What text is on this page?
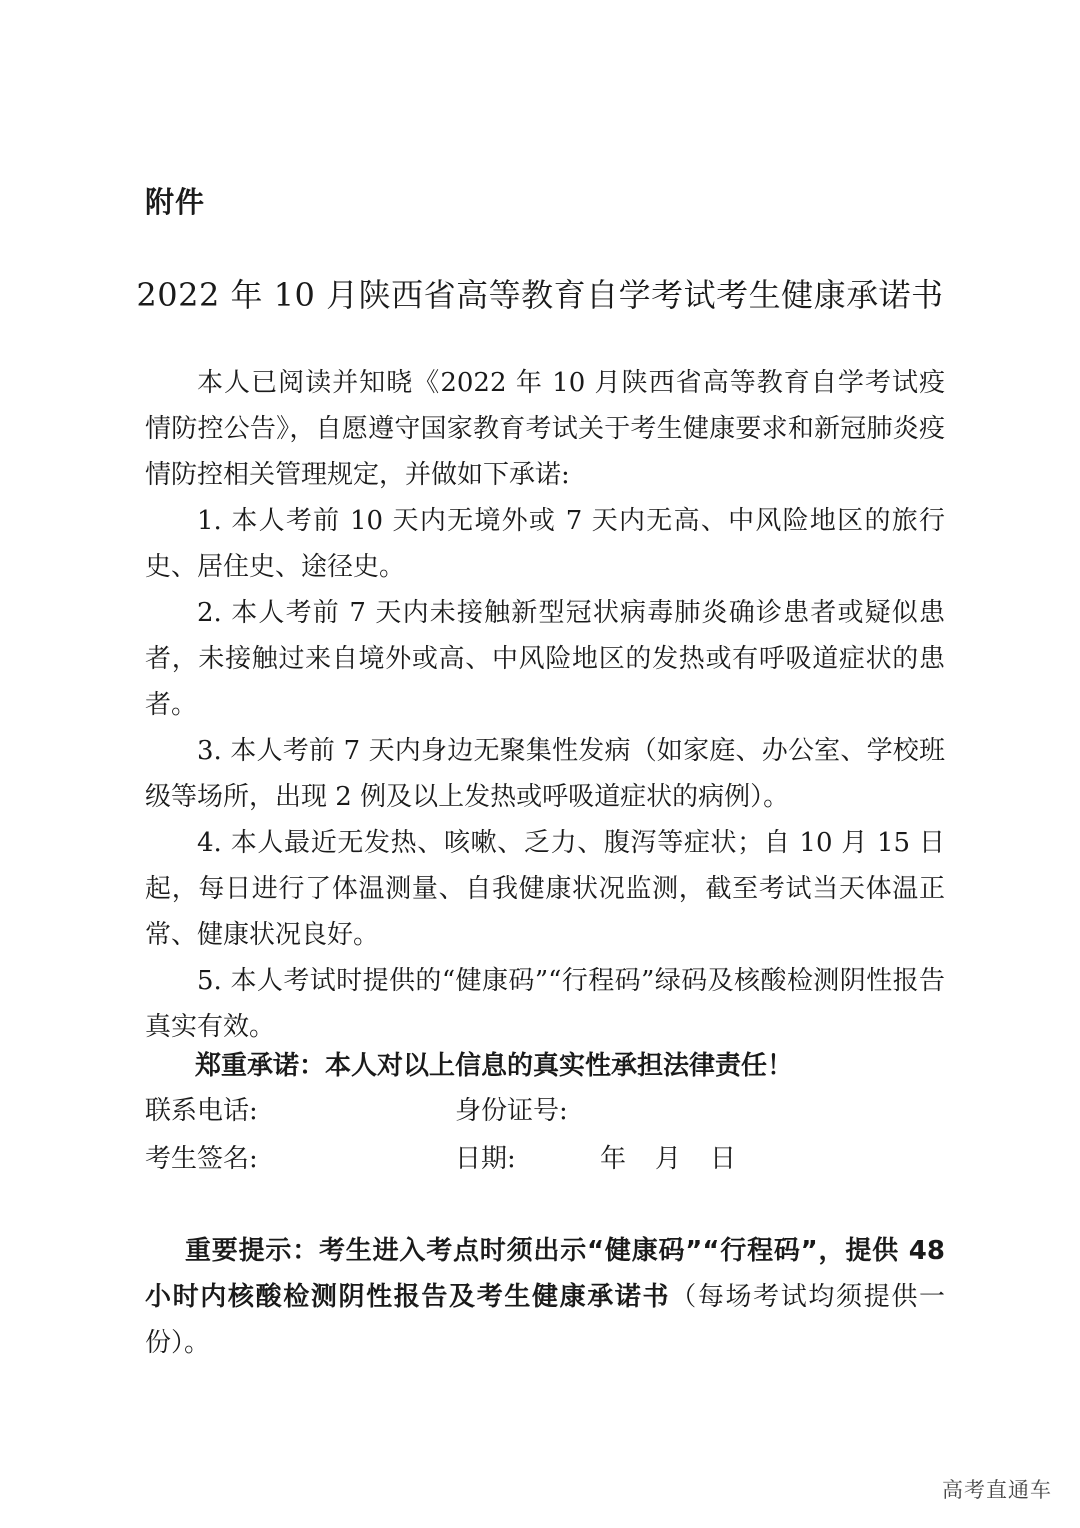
附件
2022 年 10 月陕西省高等教育自学考试考生健康承诺书

本人已阅读并知晓《2022 年 10 月陕西省高等教育自学考试疫情防控公告》，自愿遵守国家教育考试关于考生健康要求和新冠肺炎疫情防控相关管理规定，并做如下承诺:

1. 本人考前 10 天内无境外或 7 天内无高、中风险地区的旅行史、居住史、途径史。

2. 本人考前 7 天内未接触新型冠状病毒肺炎确诊患者或疑似患者，未接触过来自境外或高、中风险地区的发热或有呼吸道症状的患者。

3. 本人考前 7 天内身边无聚集性发病（如家庭、办公室、学校班级等场所，出现 2 例及以上发热或呼吸道症状的病例）。

4. 本人最近无发热、咳嗽、乏力、腹泻等症状；自 10 月 15 日起，每日进行了体温测量、自我健康状况监测，截至考试当天体温正常、健康状况良好。

5. 本人考试时提供的“健康码”“行程码”绿码及核酸检测阴性报告真实有效。

郑重承诺：本人对以上信息的真实性承担法律责任！
联系电话:	身份证号:
考生签名:	日期:	年 月 日
重要提示：考生进入考点时须出示“健康码”“行程码”，提供 48 小时内核酸检测阴性报告及考生健康承诺书（每场考试均须提供一份）。
高考直通车
